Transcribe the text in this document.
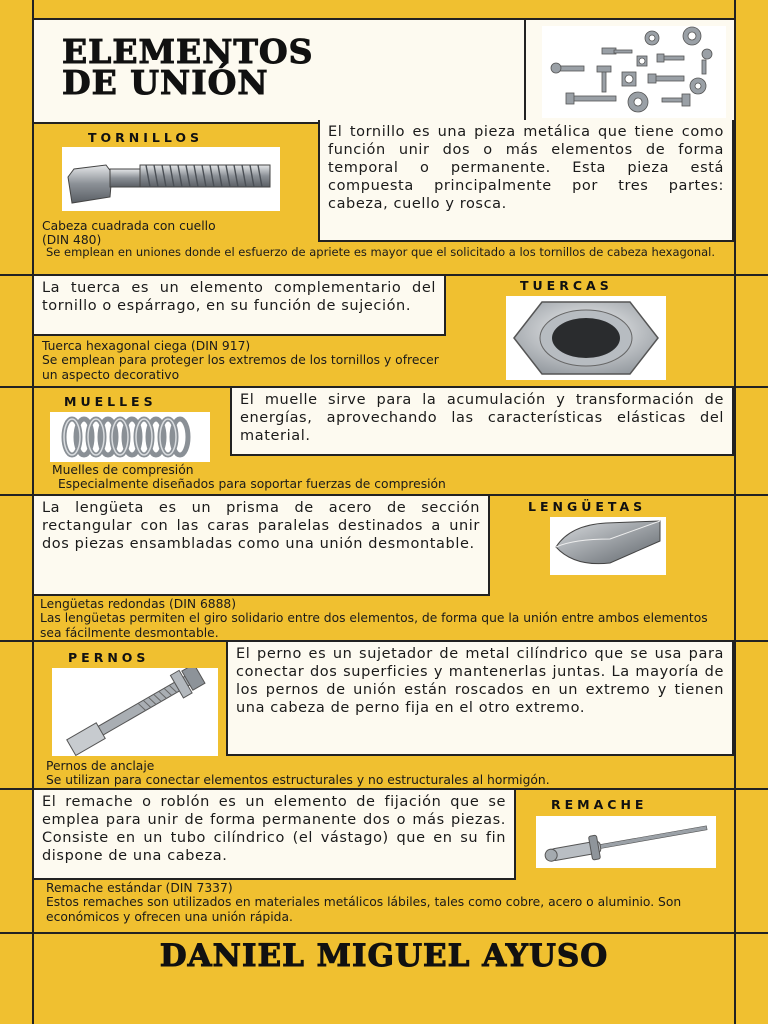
ELEMENTOS
DE UNIÓN
TORNILLOS	El tornillo es una pieza metálica que tiene como función unir dos o más elementos de forma temporal o permanente. Esta pieza está compuesta principalmente por tres partes: cabeza, cuello y rosca.
Cabeza cuadrada con cuello
(DIN 480)
Se emplean en uniones donde el esfuerzo de apriete es mayor que el solicitado a los tornillos de cabeza hexagonal.
La tuerca es un elemento complementario del tornillo o espárrago, en su función de sujeción.
TUERCAS
Tuerca hexagonal ciega (DIN 917)
Se emplean para proteger los extremos de los tornillos y ofrecer un aspecto decorativo
MUELLES	El muelle sirve para la acumulación y transformación de energías, aprovechando las características elásticas del material.
Muelles de compresión
Especialmente diseñados para soportar fuerzas de compresión
La lengüeta es un prisma de acero de sección rectangular con las caras paralelas destinados a unir dos piezas ensambladas como una unión desmontable.
LENGÜETAS
Lengüetas redondas (DIN 6888)
Las lengüetas permiten el giro solidario entre dos elementos, de forma que la unión entre ambos elementos sea fácilmente desmontable.
PERNOS	El perno es un sujetador de metal cilíndrico que se usa para conectar dos superficies y mantenerlas juntas. La mayoría de los pernos de unión están roscados en un extremo y tienen una cabeza de perno fija en el otro extremo.
Pernos de anclaje
Se utilizan para conectar elementos estructurales y no estructurales al hormigón.
El remache o roblón es un elemento de fijación que se emplea para unir de forma permanente dos o más piezas. Consiste en un tubo cilíndrico (el vástago) que en su fin dispone de una cabeza.
REMACHE
Remache estándar (DIN 7337)
Estos remaches son utilizados en materiales metálicos lábiles, tales como cobre, acero o aluminio. Son económicos y ofrecen una unión rápida.
DANIEL MIGUEL AYUSO
